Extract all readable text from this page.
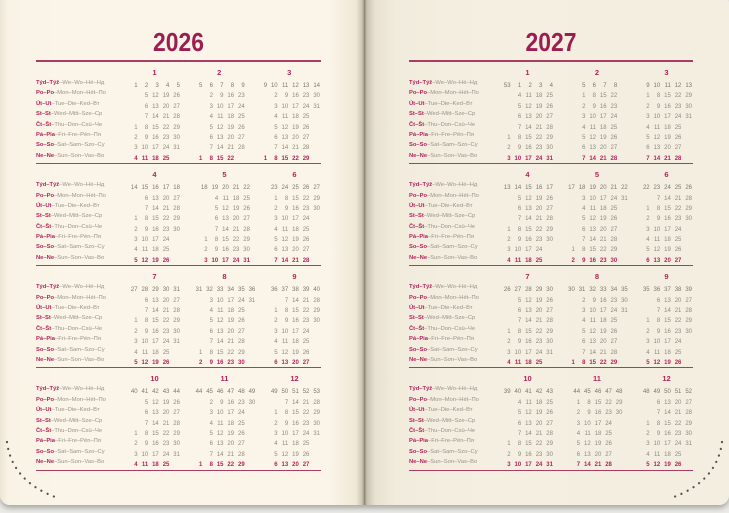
2026
Týd–Týž–We–Wo–Hé–Нд
Po–Po–Mon–Mon–Hét–По
Út–Ut–Tue–Die–Ked–Вт
St–St–Wed–Mitt–Sze–Ср
Čt–Št–Thu–Don–Csü–Че
Pá–Pia–Fri–Fre–Pén–Пя
So–So–Sat–Sam–Szo–Су
Ne–Ne–Sun–Son–Vas–Во
1
1 2 3 4 5
5 12 19 26
6 13 20 27
7 14 21 28
1 8 15 22 29
2 9 16 23 30
3 10 17 24 31
4 11 18 25
2
5 6 7 8 9
2 9 16 23
3 10 17 24
4 11 18 25
5 12 19 26
6 13 20 27
7 14 21 28
1 8 15 22
3
9 10 11 12 13 14
2 9 16 23 30
3 10 17 24 31
4 11 18 25
5 12 19 26
6 13 20 27
7 14 21 28
1 8 15 22 29
Týd–Týž–We–Wo–Hé–Нд
Po–Po–Mon–Mon–Hét–По
Út–Ut–Tue–Die–Ked–Вт
St–St–Wed–Mitt–Sze–Ср
Čt–Št–Thu–Don–Csü–Че
Pá–Pia–Fri–Fre–Pén–Пя
So–So–Sat–Sam–Szo–Су
Ne–Ne–Sun–Son–Vas–Во
4
14 15 16 17 18
6 13 20 27
7 14 21 28
1 8 15 22 29
2 9 16 23 30
3 10 17 24
4 11 18 25
5 12 19 26
5
18 19 20 21 22
4 11 18 25
5 12 19 26
6 13 20 27
7 14 21 28
1 8 15 22 29
2 9 16 23 30
3 10 17 24 31
6
23 24 25 26 27
1 8 15 22 29
2 9 16 23 30
3 10 17 24
4 11 18 25
5 12 19 26
6 13 20 27
7 14 21 28
Týd–Týž–We–Wo–Hé–Нд
Po–Po–Mon–Mon–Hét–По
Út–Ut–Tue–Die–Ked–Вт
St–St–Wed–Mitt–Sze–Ср
Čt–Št–Thu–Don–Csü–Че
Pá–Pia–Fri–Fre–Pén–Пя
So–So–Sat–Sam–Szo–Су
Ne–Ne–Sun–Son–Vas–Во
7
27 28 29 30 31
6 13 20 27
7 14 21 28
1 8 15 22 29
2 9 16 23 30
3 10 17 24 31
4 11 18 25
5 12 19 26
8
31 32 33 34 35 36
3 10 17 24 31
4 11 18 25
5 12 19 26
6 13 20 27
7 14 21 28
1 8 15 22 29
2 9 16 23 30
9
36 37 38 39 40
7 14 21 28
1 8 15 22 29
2 9 16 23 30
3 10 17 24
4 11 18 25
5 12 19 26
6 13 20 27
Týd–Týž–We–Wo–Hé–Нд
Po–Po–Mon–Mon–Hét–По
Út–Ut–Tue–Die–Ked–Вт
St–St–Wed–Mitt–Sze–Ср
Čt–Št–Thu–Don–Csü–Че
Pá–Pia–Fri–Fre–Pén–Пя
So–So–Sat–Sam–Szo–Су
Ne–Ne–Sun–Son–Vas–Во
10
40 41 42 43 44
5 12 19 26
6 13 20 27
7 14 21 28
1 8 15 22 29
2 9 16 23 30
3 10 17 24 31
4 11 18 25
11
44 45 46 47 48 49
2 9 16 23 30
3 10 17 24
4 11 18 25
5 12 19 26
6 13 20 27
7 14 21 28
1 8 15 22 29
12
49 50 51 52 53
7 14 21 28
1 8 15 22 29
2 9 16 23 30
3 10 17 24 31
4 11 18 25
5 12 19 26
6 13 20 27
2027
Týd–Týž–We–Wo–Hé–Нд
Po–Po–Mon–Mon–Hét–По
Út–Ut–Tue–Die–Ked–Вт
St–St–Wed–Mitt–Sze–Ср
Čt–Št–Thu–Don–Csü–Че
Pá–Pia–Fri–Fre–Pén–Пя
So–So–Sat–Sam–Szo–Су
Ne–Ne–Sun–Son–Vas–Во
1
53 1 2 3 4
4 11 18 25
5 12 19 26
6 13 20 27
7 14 21 28
1 8 15 22 29
2 9 16 23 30
3 10 17 24 31
2
5 6 7 8
1 8 15 22
2 9 16 23
3 10 17 24
4 11 18 25
5 12 19 26
6 13 20 27
7 14 21 28
3
9 10 11 12 13
1 8 15 22 29
2 9 16 23 30
3 10 17 24 31
4 11 18 25
5 12 19 26
6 13 20 27
7 14 21 28
Týd–Týž–We–Wo–Hé–Нд
Po–Po–Mon–Mon–Hét–По
Út–Ut–Tue–Die–Ked–Вт
St–St–Wed–Mitt–Sze–Ср
Čt–Št–Thu–Don–Csü–Че
Pá–Pia–Fri–Fre–Pén–Пя
So–So–Sat–Sam–Szo–Су
Ne–Ne–Sun–Son–Vas–Во
4
13 14 15 16 17
5 12 19 26
6 13 20 27
7 14 21 28
1 8 15 22 29
2 9 16 23 30
3 10 17 24
4 11 18 25
5
17 18 19 20 21 22
3 10 17 24 31
4 11 18 25
5 12 19 26
6 13 20 27
7 14 21 28
1 8 15 22 29
2 9 16 23 30
6
22 23 24 25 26
7 14 21 28
1 8 15 22 29
2 9 16 23 30
3 10 17 24
4 11 18 25
5 12 19 26
6 13 20 27
Týd–Týž–We–Wo–Hé–Нд
Po–Po–Mon–Mon–Hét–По
Út–Ut–Tue–Die–Ked–Вт
St–St–Wed–Mitt–Sze–Ср
Čt–Št–Thu–Don–Csü–Че
Pá–Pia–Fri–Fre–Pén–Пя
So–So–Sat–Sam–Szo–Су
Ne–Ne–Sun–Son–Vas–Во
7
26 27 28 29 30
5 12 19 26
6 13 20 27
7 14 21 28
1 8 15 22 29
2 9 16 23 30
3 10 17 24 31
4 11 18 25
8
30 31 32 33 34 35
2 9 16 23 30
3 10 17 24 31
4 11 18 25
5 12 19 26
6 13 20 27
7 14 21 28
1 8 15 22 29
9
35 36 37 38 39
6 13 20 27
7 14 21 28
1 8 15 22 29
2 9 16 23 30
3 10 17 24
4 11 18 25
5 12 19 26
Týd–Týž–We–Wo–Hé–Нд
Po–Po–Mon–Mon–Hét–По
Út–Ut–Tue–Die–Ked–Вт
St–St–Wed–Mitt–Sze–Ср
Čt–Št–Thu–Don–Csü–Че
Pá–Pia–Fri–Fre–Pén–Пя
So–So–Sat–Sam–Szo–Су
Ne–Ne–Sun–Son–Vas–Во
10
39 40 41 42 43
4 11 18 25
5 12 19 26
6 13 20 27
7 14 21 28
1 8 15 22 29
2 9 16 23 30
3 10 17 24 31
11
44 45 46 47 48
1 8 15 22 29
2 9 16 23 30
3 10 17 24
4 11 18 25
5 12 19 26
6 13 20 27
7 14 21 28
12
48 49 50 51 52
6 13 20 27
7 14 21 28
1 8 15 22 29
2 9 16 23 30
3 10 17 24 31
4 11 18 25
5 12 19 26
